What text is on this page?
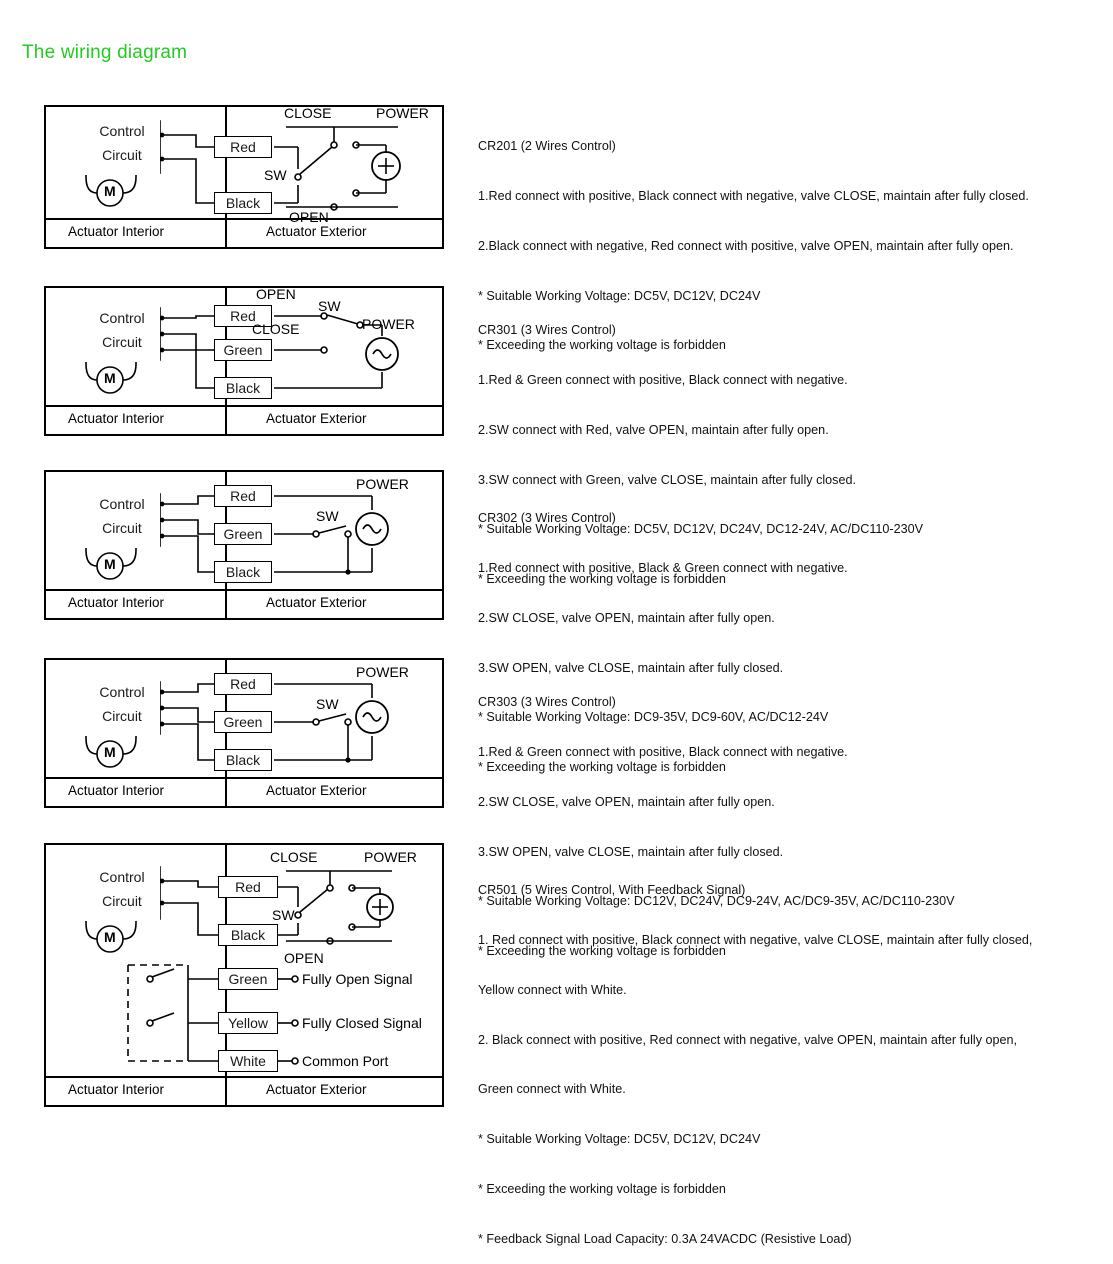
The wiring diagram
Control
Circuit
M
Red
Black
CLOSE	POWER
SW
OPEN
Actuator Interior	Actuator Exterior

CR201 (2 Wires Control)

1.Red connect with positive, Black connect with negative, valve CLOSE, maintain after fully closed.

2.Black connect with negative, Red connect with positive, valve OPEN, maintain after fully open.

* Suitable Working Voltage: DC5V, DC12V, DC24V

* Exceeding the working voltage is forbidden

Control
Circuit
M
Red
Green
Black
OPEN
SW
CLOSE	POWER
Actuator Interior	Actuator Exterior

CR301 (3 Wires Control)

1.Red & Green connect with positive, Black connect with negative.

2.SW connect with Red, valve OPEN, maintain after fully open.

3.SW connect with Green, valve CLOSE, maintain after fully closed.

* Suitable Working Voltage: DC5V, DC12V, DC24V, DC12-24V, AC/DC110-230V

* Exceeding the working voltage is forbidden

Control
Circuit
M
Red
Green
Black
SW
POWER
Actuator Interior	Actuator Exterior

CR302 (3 Wires Control)

1.Red connect with positive, Black & Green connect with negative.

2.SW CLOSE, valve OPEN, maintain after fully open.

3.SW OPEN, valve CLOSE, maintain after fully closed.

* Suitable Working Voltage: DC9-35V, DC9-60V, AC/DC12-24V

* Exceeding the working voltage is forbidden

Control
Circuit
M
Red
Green
Black
SW
POWER
Actuator Interior	Actuator Exterior

CR303 (3 Wires Control)

1.Red & Green connect with positive, Black connect with negative.

2.SW CLOSE, valve OPEN, maintain after fully open.

3.SW OPEN, valve CLOSE, maintain after fully closed.

* Suitable Working Voltage: DC12V, DC24V, DC9-24V, AC/DC9-35V, AC/DC110-230V

* Exceeding the working voltage is forbidden

Control
Circuit
M
Red
Black
Green
Yellow
White
CLOSE	POWER
SW
OPEN
Fully Open Signal
Fully Closed Signal
Common Port
Actuator Interior	Actuator Exterior

CR501 (5 Wires Control, With Feedback Signal)

1. Red connect with positive, Black connect with negative, valve CLOSE, maintain after fully closed,

Yellow connect with White.

2. Black connect with positive, Red connect with negative, valve OPEN, maintain after fully open,

Green connect with White.

* Suitable Working Voltage: DC5V, DC12V, DC24V

* Exceeding the working voltage is forbidden

* Feedback Signal Load Capacity: 0.3A 24VACDC (Resistive Load)
